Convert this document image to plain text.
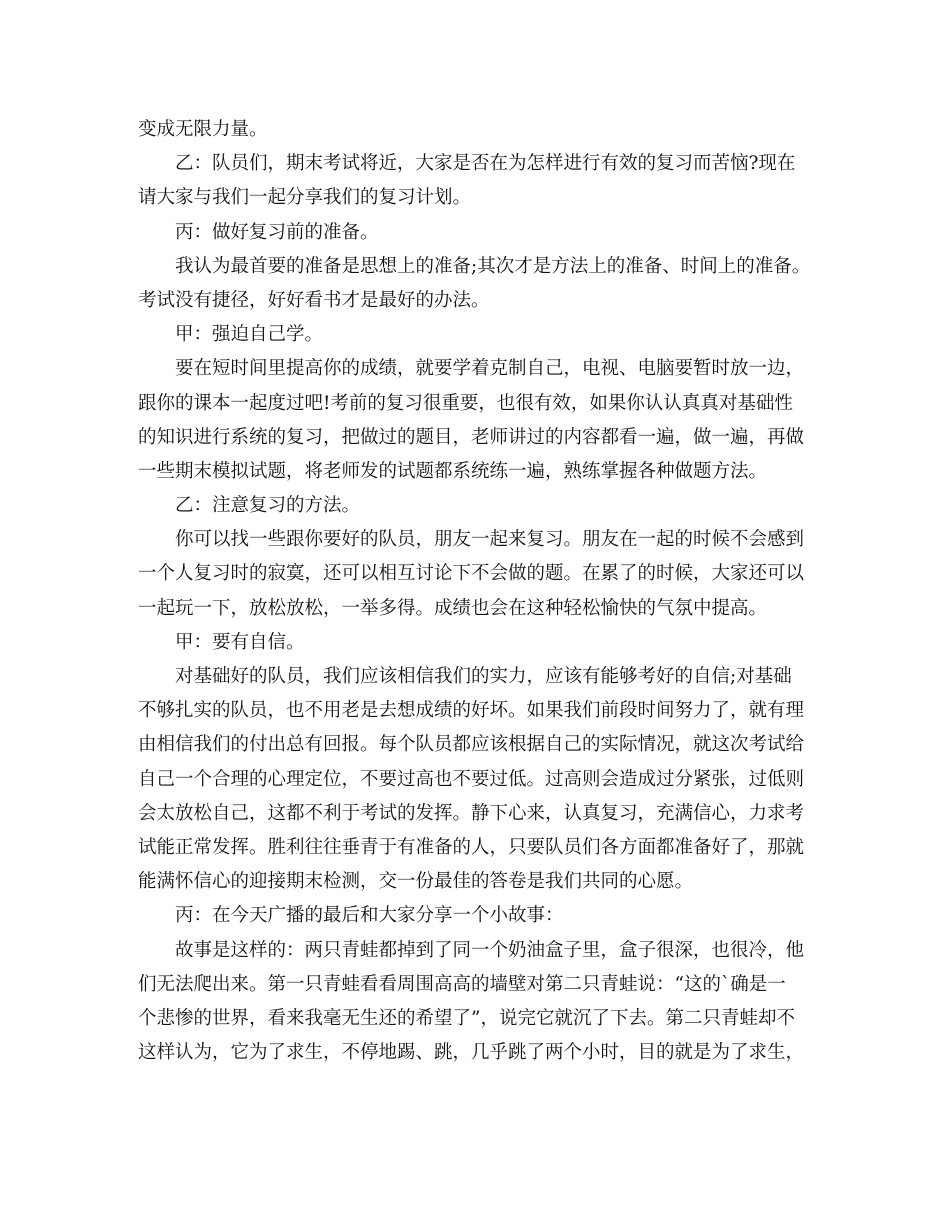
变成无限力量。
乙：队员们，期末考试将近，大家是否在为怎样进行有效的复习而苦恼?现在
请大家与我们一起分享我们的复习计划。
丙：做好复习前的准备。
我认为最首要的准备是思想上的准备;其次才是方法上的准备、时间上的准备。
考试没有捷径，好好看书才是最好的办法。
甲：强迫自己学。
要在短时间里提高你的成绩，就要学着克制自己，电视、电脑要暂时放一边，
跟你的课本一起度过吧!考前的复习很重要，也很有效，如果你认认真真对基础性
的知识进行系统的复习，把做过的题目，老师讲过的内容都看一遍，做一遍，再做
一些期末模拟试题，将老师发的试题都系统练一遍，熟练掌握各种做题方法。
乙：注意复习的方法。
你可以找一些跟你要好的队员，朋友一起来复习。朋友在一起的时候不会感到
一个人复习时的寂寞，还可以相互讨论下不会做的题。在累了的时候，大家还可以
一起玩一下，放松放松，一举多得。成绩也会在这种轻松愉快的气氛中提高。
甲：要有自信。
对基础好的队员，我们应该相信我们的实力，应该有能够考好的自信;对基础
不够扎实的队员，也不用老是去想成绩的好坏。如果我们前段时间努力了，就有理
由相信我们的付出总有回报。每个队员都应该根据自己的实际情况，就这次考试给
自己一个合理的心理定位，不要过高也不要过低。过高则会造成过分紧张，过低则
会太放松自己，这都不利于考试的发挥。静下心来，认真复习，充满信心，力求考
试能正常发挥。胜利往往垂青于有准备的人，只要队员们各方面都准备好了，那就
能满怀信心的迎接期末检测，交一份最佳的答卷是我们共同的心愿。
丙：在今天广播的最后和大家分享一个小故事：
故事是这样的：两只青蛙都掉到了同一个奶油盒子里，盒子很深，也很冷，他
们无法爬出来。第一只青蛙看看周围高高的墙壁对第二只青蛙说：“这的`确是一
个悲惨的世界，看来我毫无生还的希望了”，说完它就沉了下去。第二只青蛙却不
这样认为，它为了求生，不停地踢、跳，几乎跳了两个小时，目的就是为了求生，
